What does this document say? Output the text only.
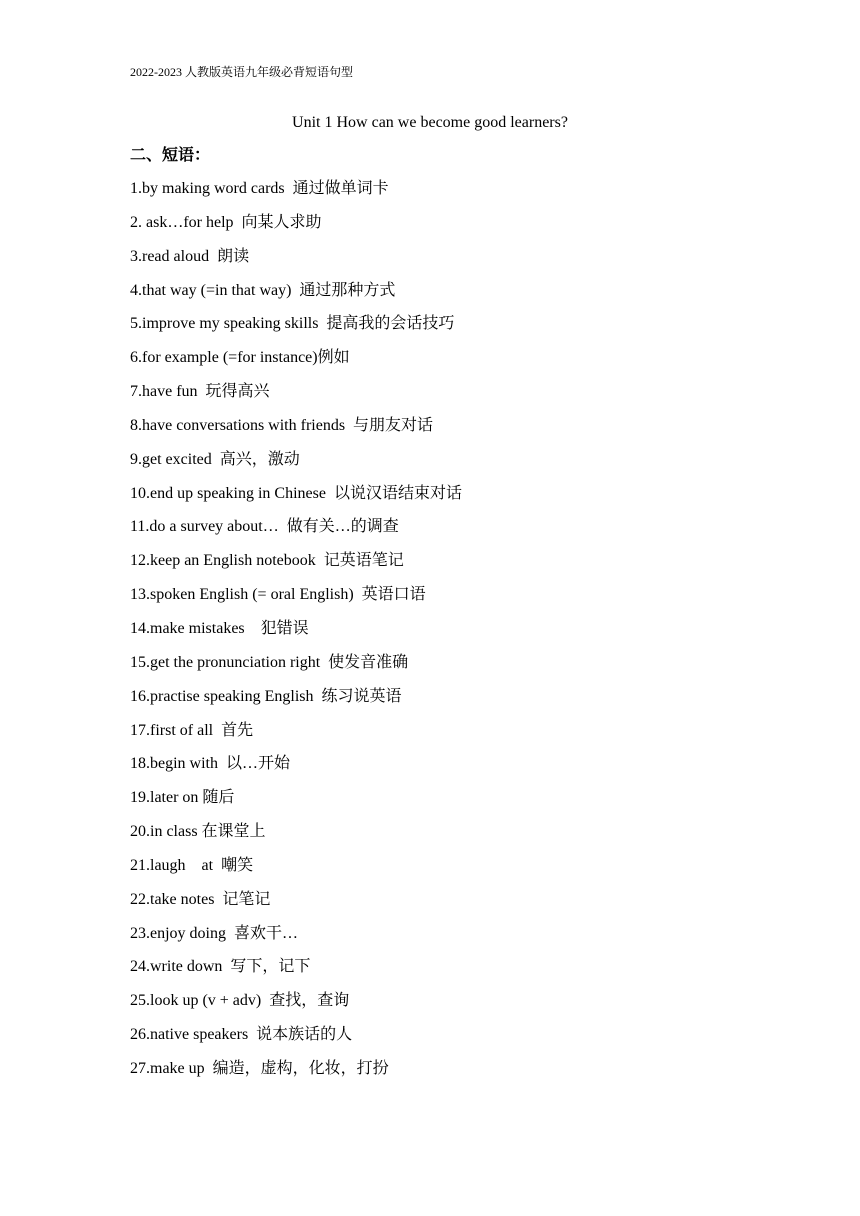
2022-2023 人教版英语九年级必背短语句型
Unit 1 How can we become good learners?
二、短语：
1.by making word cards  通过做单词卡
2. ask…for help  向某人求助
3.read aloud  朗读
4.that way (=in that way)  通过那种方式
5.improve my speaking skills  提高我的会话技巧
6.for example (=for instance)例如
7.have fun  玩得高兴
8.have conversations with friends  与朋友对话
9.get excited  高兴，激动
10.end up speaking in Chinese  以说汉语结束对话
11.do a survey about…  做有关…的调查
12.keep an English notebook  记英语笔记
13.spoken English (= oral English)  英语口语
14.make mistakes    犯错误
15.get the pronunciation right  使发音准确
16.practise speaking English  练习说英语
17.first of all  首先
18.begin with  以…开始
19.later on 随后
20.in class 在课堂上
21.laugh    at  嘲笑
22.take notes  记笔记
23.enjoy doing  喜欢干…
24.write down  写下，记下
25.look up (v + adv)  查找，查询
26.native speakers  说本族话的人
27.make up  编造，虚构，化妆，打扮
